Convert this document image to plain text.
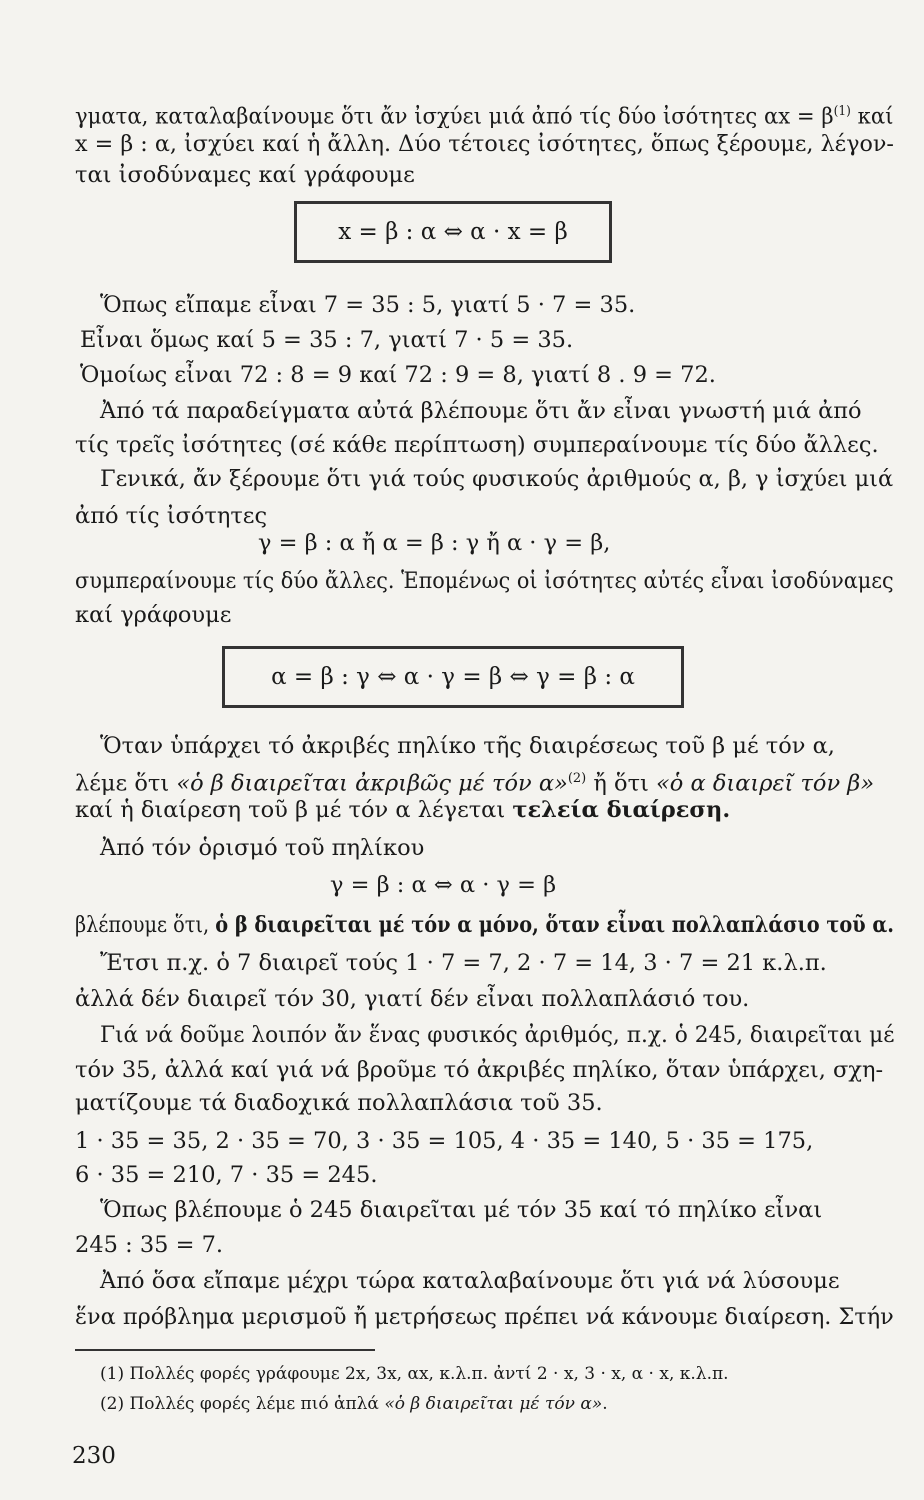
γματα, καταλαβαίνουμε ὅτι ἄν ἰσχύει μιά ἀπό τίς δύο ἰσότητες $\alpha x = \beta^{(1)}$ καί
x = β : α, ἰσχύει καί ἡ ἄλλη. Δύο τέτοιες ἰσότητες, ὅπως ξέρουμε, λέγον-
ται ἰσοδύναμες καί γράφουμε
x = β : α ⇔ α · x = β
Ὅπως εἴπαμε εἶναι 7 = 35 : 5, γιατί 5 · 7 = 35.
Εἶναι ὅμως καί 5 = 35 : 7, γιατί 7 · 5 = 35.
Ὁμοίως εἶναι 72 : 8 = 9 καί 72 : 9 = 8, γιατί 8 . 9 = 72.
Ἀπό τά παραδείγματα αὐτά βλέπουμε ὅτι ἄν εἶναι γνωστή μιά ἀπό
τίς τρεῖς ἰσότητες (σέ κάθε περίπτωση) συμπεραίνουμε τίς δύο ἄλλες.
Γενικά, ἄν ξέρουμε ὅτι γιά τούς φυσικούς ἀριθμούς α, β, γ ἰσχύει μιά
ἀπό τίς ἰσότητες
γ = β : α ἤ α = β : γ ἤ α · γ = β,
συμπεραίνουμε τίς δύο ἄλλες. Ἑπομένως οἱ ἰσότητες αὐτές εἶναι ἰσοδύναμες
καί γράφουμε
α = β : γ ⇔ α · γ = β ⇔ γ = β : α
Ὅταν ὑπάρχει τό ἀκριβές πηλίκο τῆς διαιρέσεως τοῦ β μέ τόν α,
λέμε ὅτι «ὁ β διαιρεῖται ἀκριβῶς μέ τόν α»$^{(2)}$ ἤ ὅτι «ὁ α διαιρεῖ τόν β»
καί ἡ διαίρεση τοῦ β μέ τόν α λέγεται τελεία διαίρεση.
Ἀπό τόν ὁρισμό τοῦ πηλίκου
γ = β : α ⇔ α · γ = β
βλέπουμε ὅτι, ὁ β διαιρεῖται μέ τόν α μόνο, ὅταν εἶναι πολλαπλάσιο τοῦ α.
Ἔτσι π.χ. ὁ 7 διαιρεῖ τούς 1 · 7 = 7, 2 · 7 = 14, 3 · 7 = 21 κ.λ.π.
ἀλλά δέν διαιρεῖ τόν 30, γιατί δέν εἶναι πολλαπλάσιό του.
Γιά νά δοῦμε λοιπόν ἄν ἕνας φυσικός ἀριθμός, π.χ. ὁ 245, διαιρεῖται μέ
τόν 35, ἀλλά καί γιά νά βροῦμε τό ἀκριβές πηλίκο, ὅταν ὑπάρχει, σχη-
ματίζουμε τά διαδοχικά πολλαπλάσια τοῦ 35.
1 · 35 = 35, 2 · 35 = 70, 3 · 35 = 105, 4 · 35 = 140, 5 · 35 = 175,
6 · 35 = 210, 7 · 35 = 245.
Ὅπως βλέπουμε ὁ 245 διαιρεῖται μέ τόν 35 καί τό πηλίκο εἶναι
245 : 35 = 7.
Ἀπό ὅσα εἴπαμε μέχρι τώρα καταλαβαίνουμε ὅτι γιά νά λύσουμε
ἕνα πρόβλημα μερισμοῦ ἤ μετρήσεως πρέπει νά κάνουμε διαίρεση. Στήν
(1) Πολλές φορές γράφουμε 2x, 3x, αx, κ.λ.π. ἀντί 2 · x, 3 · x, α · x, κ.λ.π.
(2) Πολλές φορές λέμε πιό ἁπλά «ὁ β διαιρεῖται μέ τόν α».
230
